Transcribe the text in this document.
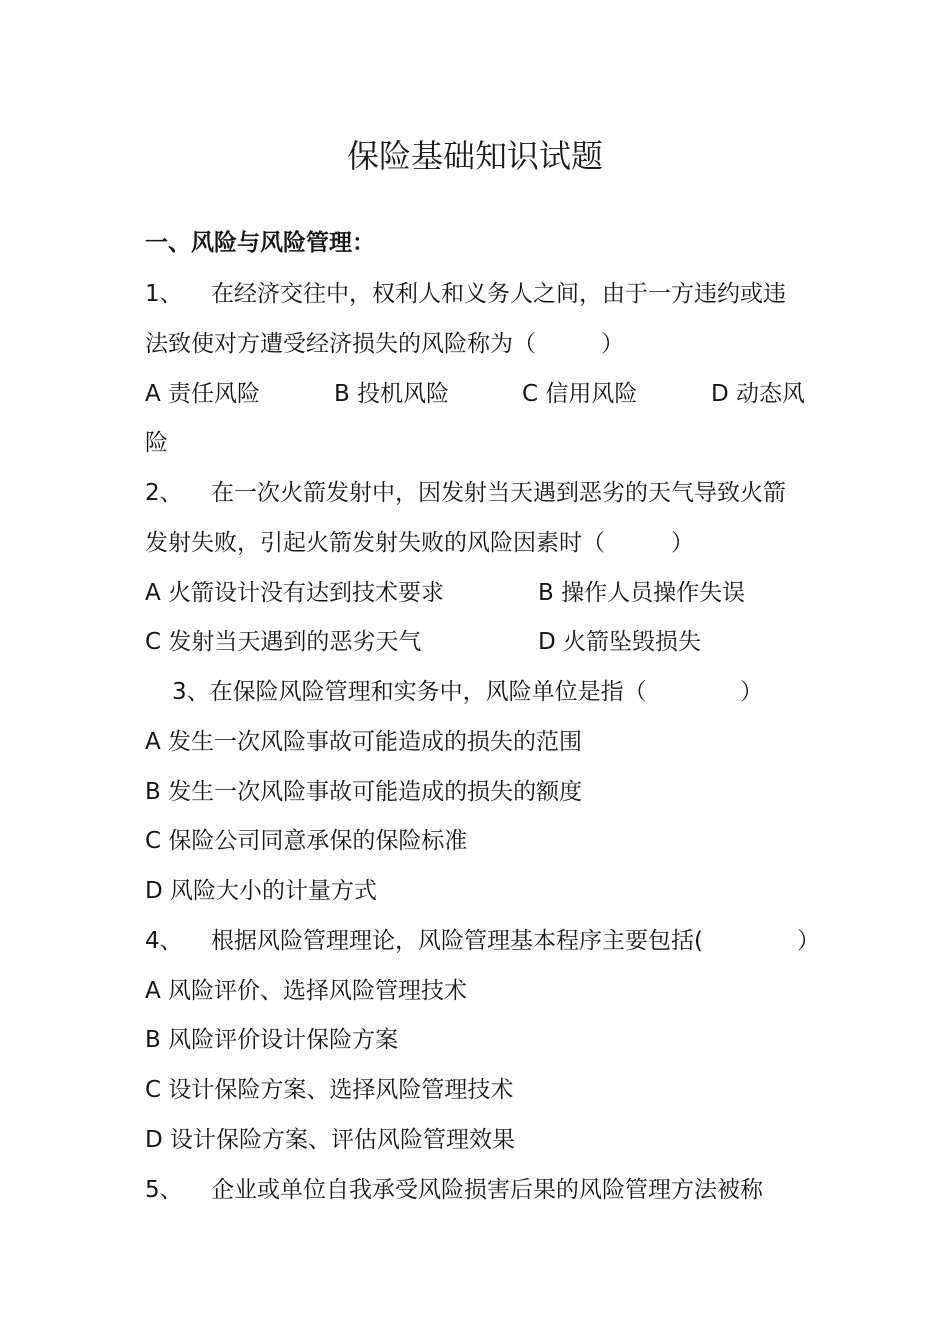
保险基础知识试题
一、风险与风险管理：
1、 在经济交往中，权利人和义务人之间，由于一方违约或违
法致使对方遭受经济损失的风险称为（	）
A 责任风险	B 投机风险	C 信用风险	D 动态风
险
2、 在一次火箭发射中，因发射当天遇到恶劣的天气导致火箭
发射失败，引起火箭发射失败的风险因素时（	）
A 火箭设计没有达到技术要求	B 操作人员操作失误
C 发射当天遇到的恶劣天气	D 火箭坠毁损失
3、在保险风险管理和实务中，风险单位是指（	）
A 发生一次风险事故可能造成的损失的范围
B 发生一次风险事故可能造成的损失的额度
C 保险公司同意承保的保险标准
D 风险大小的计量方式
4、 根据风险管理理论，风险管理基本程序主要包括(	）
A 风险评价、选择风险管理技术
B 风险评价设计保险方案
C 设计保险方案、选择风险管理技术
D 设计保险方案、评估风险管理效果
5、 企业或单位自我承受风险损害后果的风险管理方法被称
